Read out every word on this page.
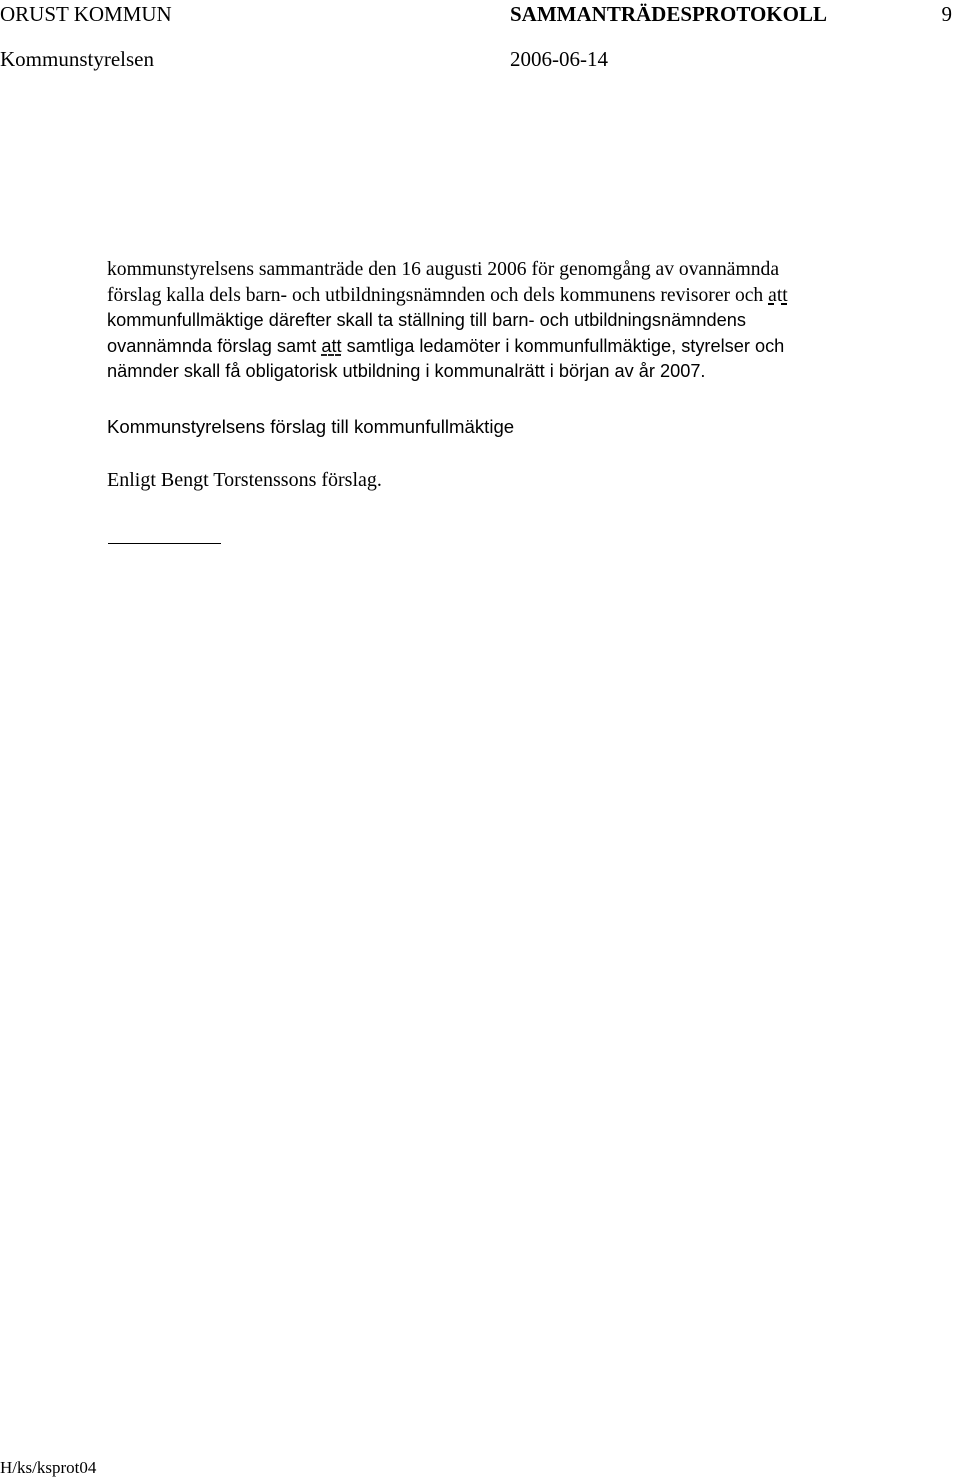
ORUST KOMMUN	SAMMANTRÄDESPROTOKOLL	9
Kommunstyrelsen	2006-06-14
kommunstyrelsens sammanträde den 16 augusti 2006 för genomgång av ovannämnda
förslag kalla dels barn- och utbildningsnämnden och dels kommunens revisorer och att
kommunfullmäktige därefter skall ta ställning till barn- och utbildningsnämndens
ovannämnda förslag samt att samtliga ledamöter i kommunfullmäktige, styrelser och
nämnder skall få obligatorisk utbildning i kommunalrätt i början av år 2007.
Kommunstyrelsens förslag till kommunfullmäktige
Enligt Bengt Torstenssons förslag.
H/ks/ksprot04
